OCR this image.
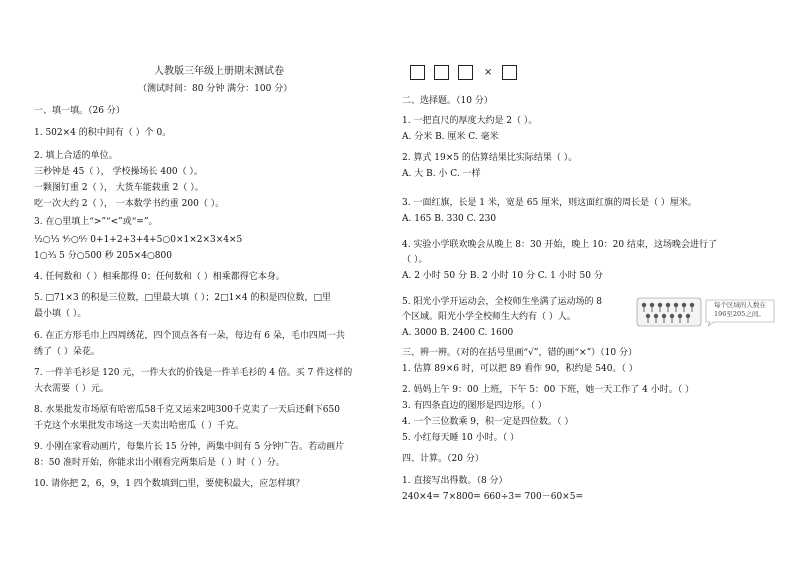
人教版三年级上册期末测试卷
（测试时间：80 分钟 满分：100 分）
×
一、填一填。（26 分）
1. 502×4 的积中间有（ ）个 0。
2. 填上合适的单位。
三秒钟是 45（ ）， 学校操场长 400（ ）。
一颗图钉重 2（ ）， 大货车能载重 2（ ）。
吃一次大约 2（ ）， 一本数学书约重 200（ ）。
3. 在○里填上“>”“<”或“=”。
½○⅓ ⁴⁄₇○⁶⁄₇ 0+1+2+3+4+5○0×1×2×3×4×5
1○³⁄₃ 5 分○500 秒 205×4○800
4. 任何数和（ ）相乘都得 0；任何数和（ ）相乘都得它本身。
5. □71×3 的积是三位数，□里最大填（ ）；2□1×4 的积是四位数，□里
最小填（ ）。
6. 在正方形毛巾上四周绣花，四个顶点各有一朵，每边有 6 朵，毛巾四周一共
绣了（ ）朵花。
7. 一件羊毛衫是 120 元，一件大衣的价钱是一件羊毛衫的 4 倍。买 7 件这样的
大衣需要（ ）元。
8. 水果批发市场原有哈密瓜58千克又运来2吨300千克卖了一天后还剩下650
千克这个水果批发市场这一天卖出哈密瓜（ ）千克。
9. 小刚在家看动画片，每集片长 15 分钟，两集中间有 5 分钟广告。若动画片
8：50 准时开始，你能求出小刚看完两集后是（ ）时（ ）分。
10. 请你把 2，6，9，1 四个数填到□里，要使积最大，应怎样填？
二、选择题。（10 分）
1. 一把直尺的厚度大约是 2（ ）。
A. 分米 B. 厘米 C. 毫米
2. 算式 19×5 的估算结果比实际结果（ ）。
A. 大 B. 小 C. 一样
3. 一面红旗，长是 1 米，宽是 65 厘米，则这面红旗的周长是（ ）厘米。
A. 165 B. 330 C. 230
4. 实验小学联欢晚会从晚上 8：30 开始，晚上 10：20 结束，这场晚会进行了
（ ）。
A. 2 小时 50 分 B. 2 小时 10 分 C. 1 小时 50 分
5. 阳光小学开运动会，全校师生坐满了运动场的 8
个区域。阳光小学全校师生大约有（ ）人。
A. 3000 B. 2400 C. 1600
三、辨一辨。（对的在括号里画“√”，错的画“×”）（10 分）
1. 估算 89×6 时，可以把 89 看作 90，积约是 540。（ ）
2. 妈妈上午 9：00 上班，下午 5：00 下班，她一天工作了 4 小时。（ ）
3. 有四条直边的图形是四边形。（ ）
4. 一个三位数乘 9，积一定是四位数。（ ）
5. 小红每天睡 10 小时。（ ）
四、计算。（20 分）
1. 直接写出得数。（8 分）
240×4= 7×800= 660÷3= 700－60×5=
每个区域的人数在
196至205之间。
